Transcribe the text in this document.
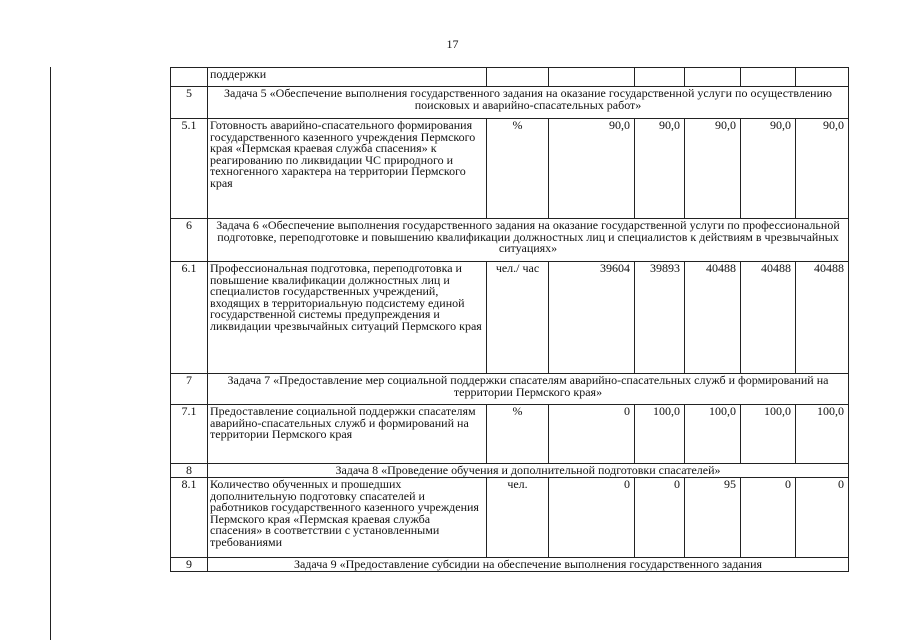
17
	поддержки						
5	Задача 5 «Обеспечение выполнения государственного задания на оказание государственной услуги по осуществлению поисковых и аварийно-спасательных работ»						
5.1	Готовность аварийно-спасательного формирования государственного казенного учреждения Пермского края «Пермская краевая служба спасения» к реагированию по ликвидации ЧС природного и техногенного характера на территории Пермского края	%	90,0	90,0	90,0	90,0	90,0
6	Задача 6 «Обеспечение выполнения государственного задания на оказание государственной услуги по профессиональной подготовке, переподготовке и повышению квалификации должностных лиц и специалистов к действиям в чрезвычайных ситуациях»						
6.1	Профессиональная подготовка, переподготовка и повышение квалификации должностных лиц и специалистов государственных учреждений, входящих в территориальную подсистему единой государственной системы предупреждения и ликвидации чрезвычайных ситуаций Пермского края	чел./ час	39604	39893	40488	40488	40488
7	Задача 7 «Предоставление мер социальной поддержки спасателям аварийно-спасательных служб и формирований на территории Пермского края»						
7.1	Предоставление социальной поддержки спасателям аварийно-спасательных служб и формирований на территории Пермского края	%	0	100,0	100,0	100,0	100,0
8	Задача 8 «Проведение обучения и дополнительной подготовки спасателей»						
8.1	Количество обученных и прошедших дополнительную подготовку спасателей и работников государственного казенного учреждения Пермского края «Пермская краевая служба спасения» в соответствии с установленными требованиями	чел.	0	0	95	0	0
9	Задача 9 «Предоставление субсидии на обеспечение выполнения государственного задания						
